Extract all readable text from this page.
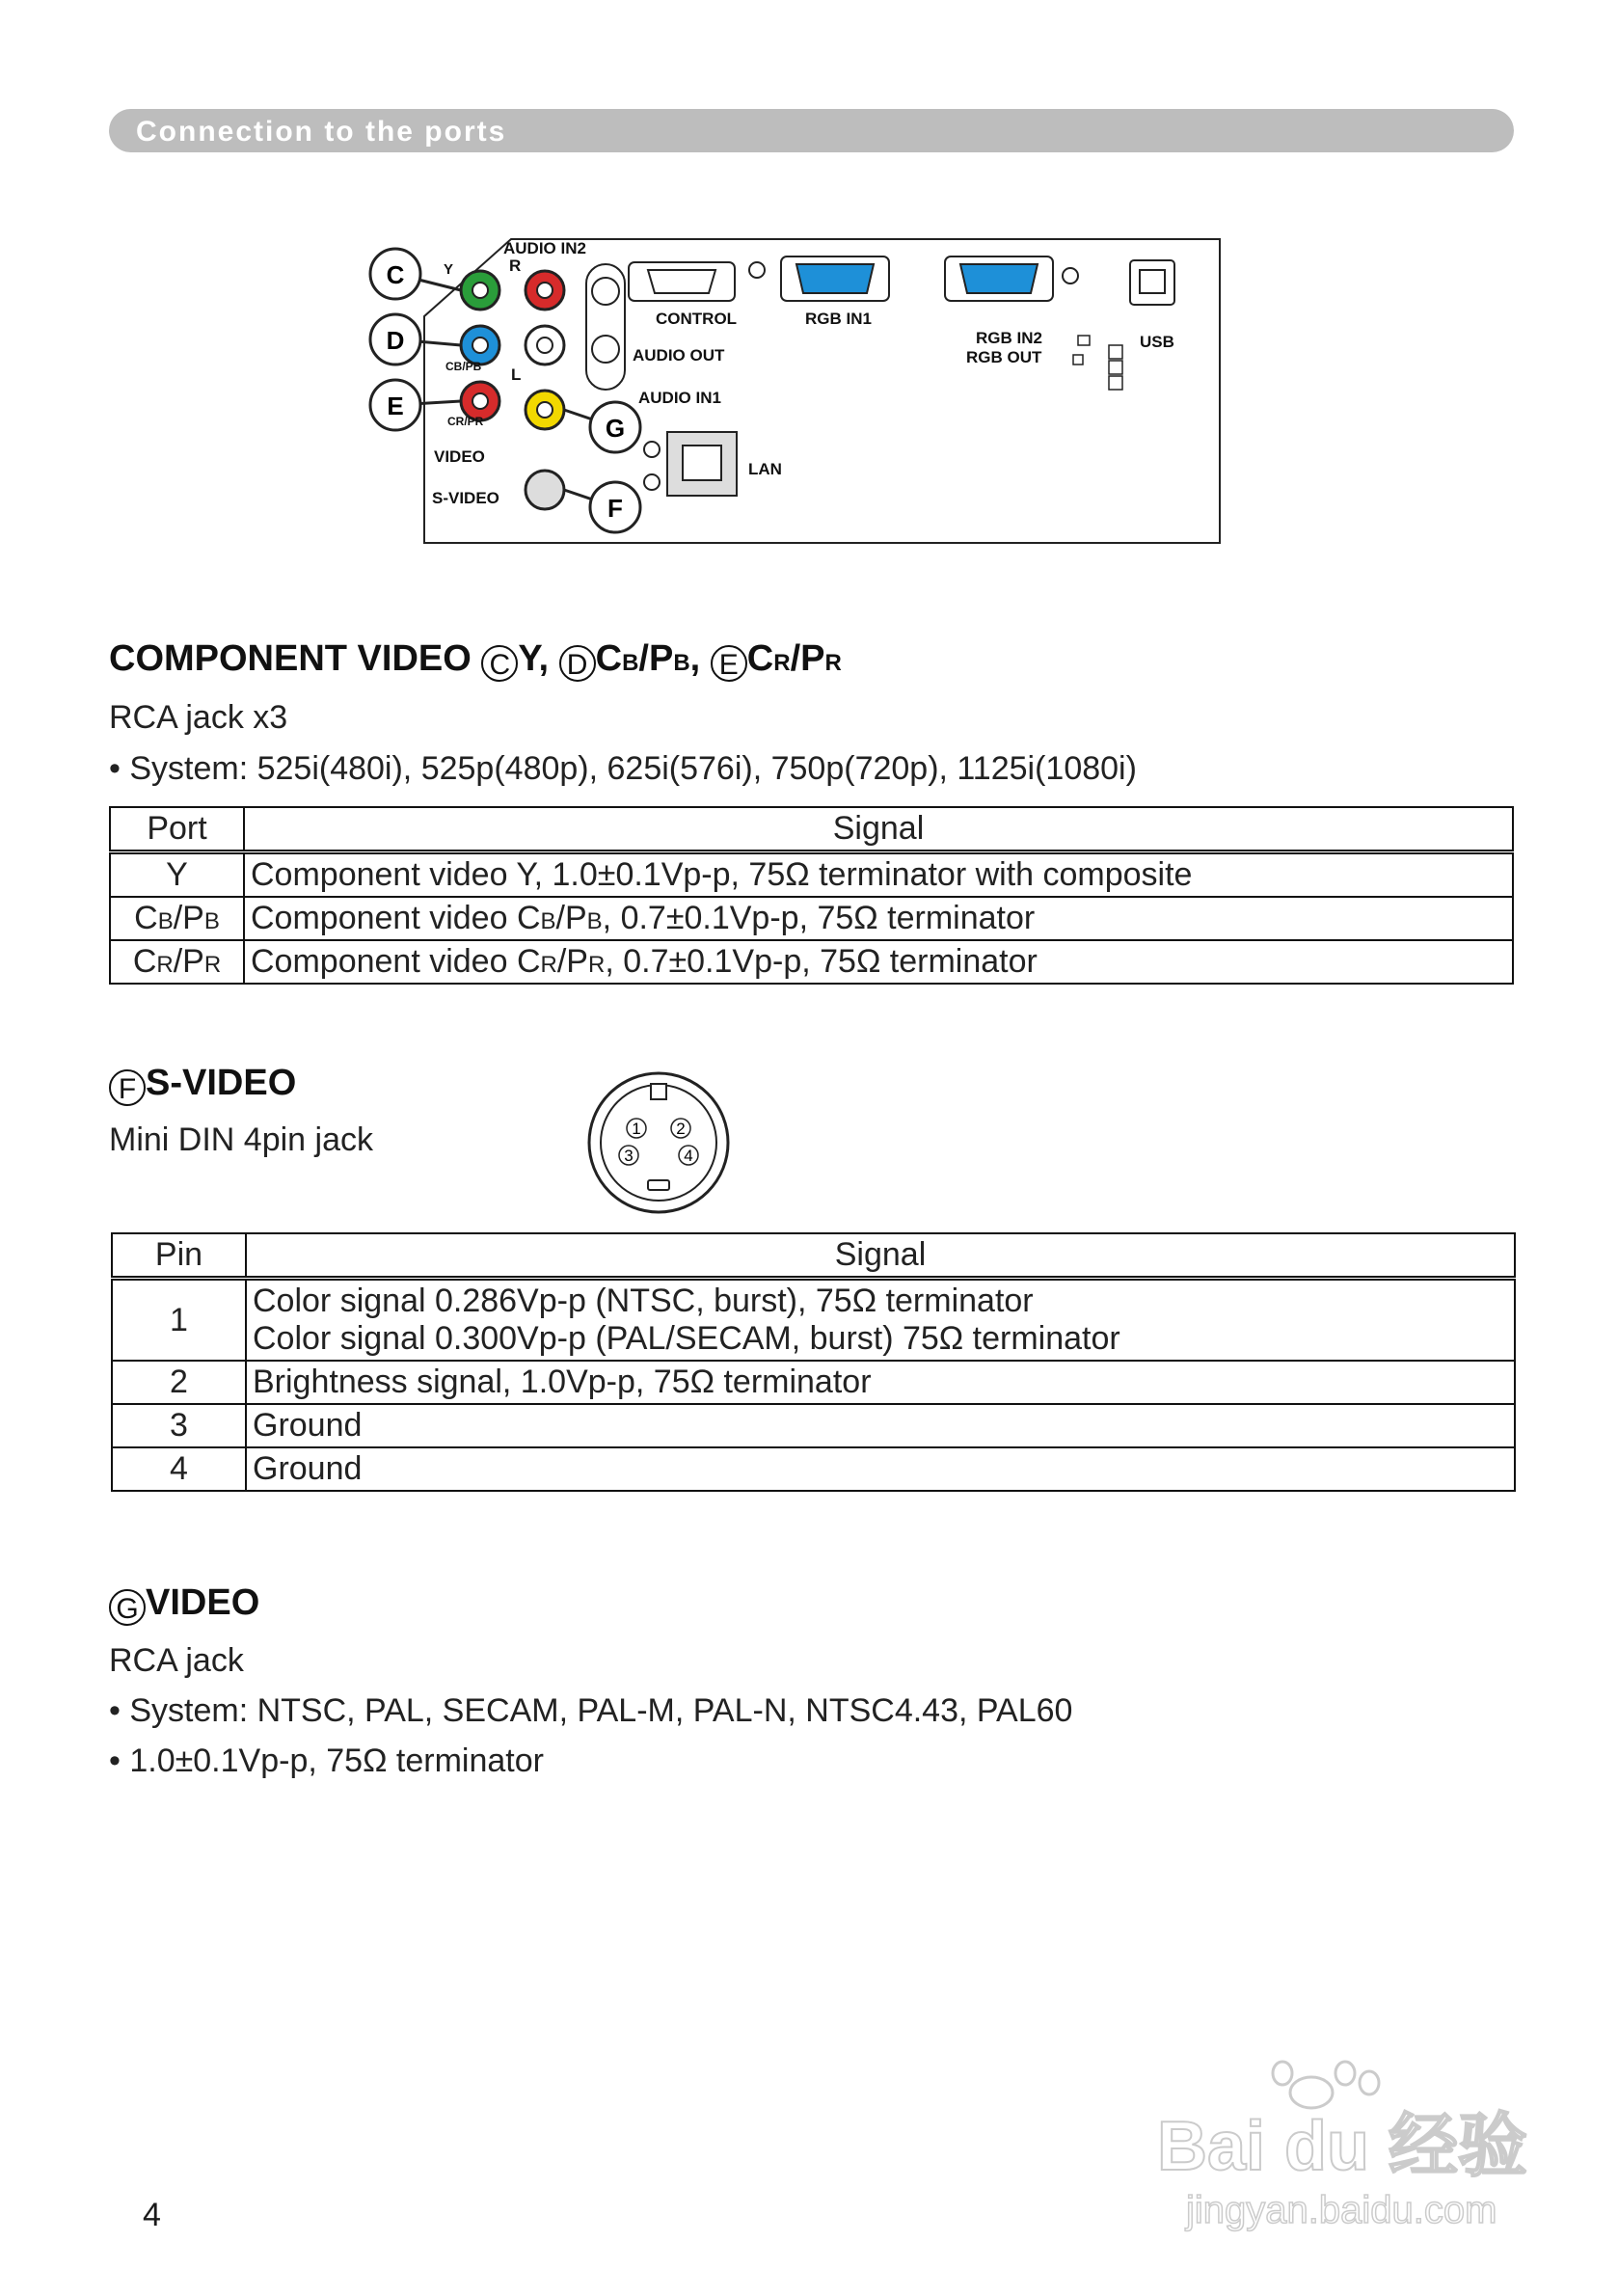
Connection to the ports
C
D
E
G
F
AUDIO IN2
R
L
Y
CB/PB
CR/PR
VIDEO
S-VIDEO
CONTROL	RGB IN1
RGB IN2
RGB OUT
USB
AUDIO OUT
AUDIO IN1
LAN
COMPONENT VIDEO C Y, D CB/PB, E CR/PR
RCA jack x3
• System: 525i(480i), 525p(480p), 625i(576i), 750p(720p), 1125i(1080i)
Port	Signal
Y	Component video Y, 1.0±0.1Vp-p, 75Ω terminator with composite
CB/PB	Component video CB/PB, 0.7±0.1Vp-p, 75Ω terminator
CR/PR	Component video CR/PR, 0.7±0.1Vp-p, 75Ω terminator
F S-VIDEO
Mini DIN 4pin jack	1 2
3	4
Pin	Signal
1	Color signal 0.286Vp-p (NTSC, burst), 75Ω terminator
Color signal 0.300Vp-p (PAL/SECAM, burst) 75Ω terminator

2	Brightness signal, 1.0Vp-p, 75Ω terminator
3	Ground
4	Ground
G VIDEO
RCA jack
• System: NTSC, PAL, SECAM, PAL-M, PAL-N, NTSC4.43, PAL60
• 1.0±0.1Vp-p, 75Ω terminator
4
Bai du 经验
jingyan.baidu.com
